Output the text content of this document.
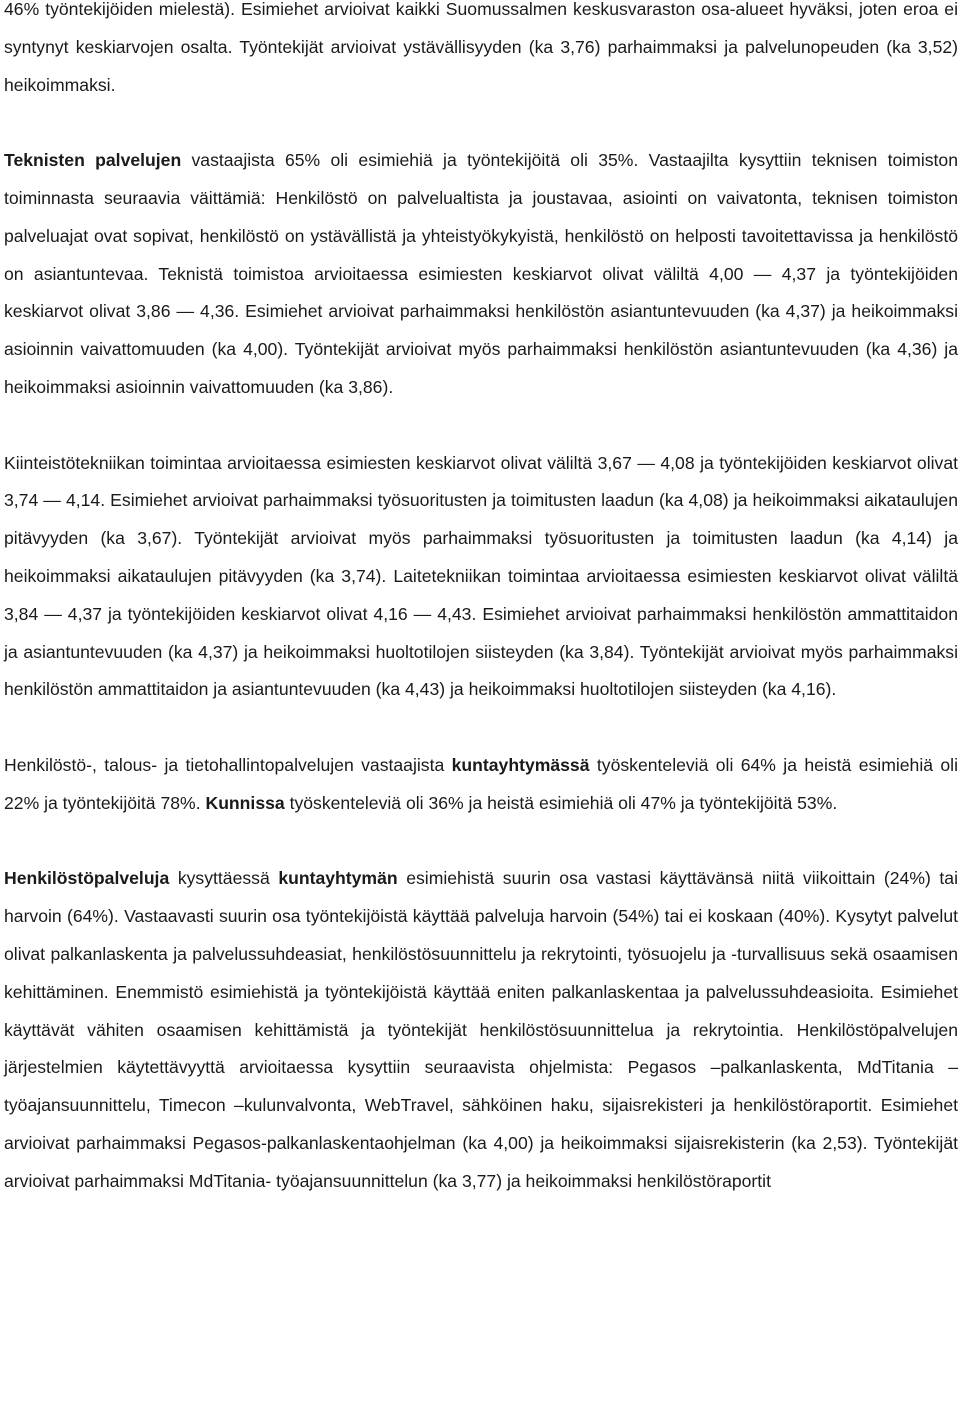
46% työntekijöiden mielestä). Esimiehet arvioivat kaikki Suomussalmen keskusvaraston osa-alueet hyväksi, joten eroa ei syntynyt keskiarvojen osalta. Työntekijät arvioivat ystävällisyyden (ka 3,76) parhaimmaksi ja palvelunopeuden (ka 3,52) heikoimmaksi.

Teknisten palvelujen vastaajista 65% oli esimiehiä ja työntekijöitä oli 35%. Vastaajilta kysyttiin teknisen toimiston toiminnasta seuraavia väittämiä: Henkilöstö on palvelualtista ja joustavaa, asiointi on vaivatonta, teknisen toimiston palveluajat ovat sopivat, henkilöstö on ystävällistä ja yhteistyökykyistä, henkilöstö on helposti tavoitettavissa ja henkilöstö on asiantuntevaa. Teknistä toimistoa arvioitaessa esimiesten keskiarvot olivat väliltä 4,00 — 4,37 ja työntekijöiden keskiarvot olivat 3,86 — 4,36. Esimiehet arvioivat parhaimmaksi henkilöstön asiantuntevuuden (ka 4,37) ja heikoimmaksi asioinnin vaivattomuuden (ka 4,00). Työntekijät arvioivat myös parhaimmaksi henkilöstön asiantuntevuuden (ka 4,36) ja heikoimmaksi asioinnin vaivattomuuden (ka 3,86).

Kiinteistötekniikan toimintaa arvioitaessa esimiesten keskiarvot olivat väliltä 3,67 — 4,08 ja työntekijöiden keskiarvot olivat 3,74 — 4,14. Esimiehet arvioivat parhaimmaksi työsuoritusten ja toimitusten laadun (ka 4,08) ja heikoimmaksi aikataulujen pitävyyden (ka 3,67). Työntekijät arvioivat myös parhaimmaksi työsuoritusten ja toimitusten laadun (ka 4,14) ja heikoimmaksi aikataulujen pitävyyden (ka 3,74). Laitetekniikan toimintaa arvioitaessa esimiesten keskiarvot olivat väliltä 3,84 — 4,37 ja työntekijöiden keskiarvot olivat 4,16 — 4,43. Esimiehet arvioivat parhaimmaksi henkilöstön ammattitaidon ja asiantuntevuuden (ka 4,37) ja heikoimmaksi huoltotilojen siisteyden (ka 3,84). Työntekijät arvioivat myös parhaimmaksi henkilöstön ammattitaidon ja asiantuntevuuden (ka 4,43) ja heikoimmaksi huoltotilojen siisteyden (ka 4,16).

Henkilöstö-, talous- ja tietohallintopalvelujen vastaajista kuntayhtymässä työskenteleviä oli 64% ja heistä esimiehiä oli 22% ja työntekijöitä 78%. Kunnissa työskenteleviä oli 36% ja heistä esimiehiä oli 47% ja työntekijöitä 53%.

Henkilöstöpalveluja kysyttäessä kuntayhtymän esimiehistä suurin osa vastasi käyttävänsä niitä viikoittain (24%) tai harvoin (64%). Vastaavasti suurin osa työntekijöistä käyttää palveluja harvoin (54%) tai ei koskaan (40%). Kysytyt palvelut olivat palkanlaskenta ja palvelussuhdeasiat, henkilöstösuunnittelu ja rekrytointi, työsuojelu ja -turvallisuus sekä osaamisen kehittäminen. Enemmistö esimiehistä ja työntekijöistä käyttää eniten palkanlaskentaa ja palvelussuhdeasioita. Esimiehet käyttävät vähiten osaamisen kehittämistä ja työntekijät henkilöstösuunnittelua ja rekrytointia. Henkilöstöpalvelujen järjestelmien käytettävyyttä arvioitaessa kysyttiin seuraavista ohjelmista: Pegasos –palkanlaskenta, MdTitania –työajansuunnittelu, Timecon –kulunvalvonta, WebTravel, sähköinen haku, sijaisrekisteri ja henkilöstöraportit. Esimiehet arvioivat parhaimmaksi Pegasos-palkanlaskentaohjelman (ka 4,00) ja heikoimmaksi sijaisrekisterin (ka 2,53). Työntekijät arvioivat parhaimmaksi MdTitania- työajansuunnittelun (ka 3,77) ja heikoimmaksi henkilöstöraportit
